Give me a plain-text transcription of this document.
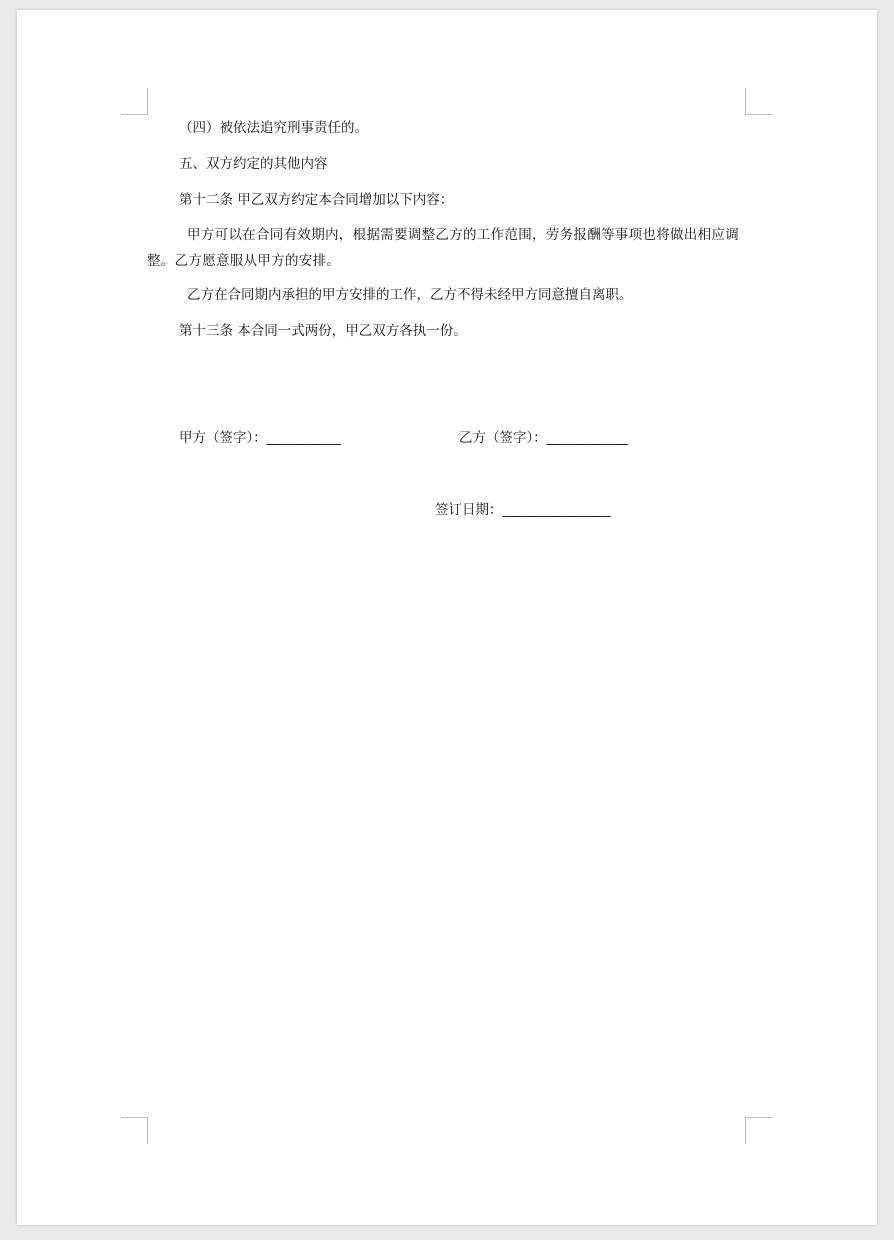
（四）被依法追究刑事责任的。
五、双方约定的其他内容
第十二条 甲乙双方约定本合同增加以下内容：
甲方可以在合同有效期内，根据需要调整乙方的工作范围，劳务报酬等事项也将做出相应调整。乙方愿意服从甲方的安排。
乙方在合同期内承担的甲方安排的工作，乙方不得未经甲方同意擅自离职。
第十三条 本合同一式两份，甲乙双方各执一份。
甲方（签字）：___________	乙方（签字）：____________
签订日期：________________
